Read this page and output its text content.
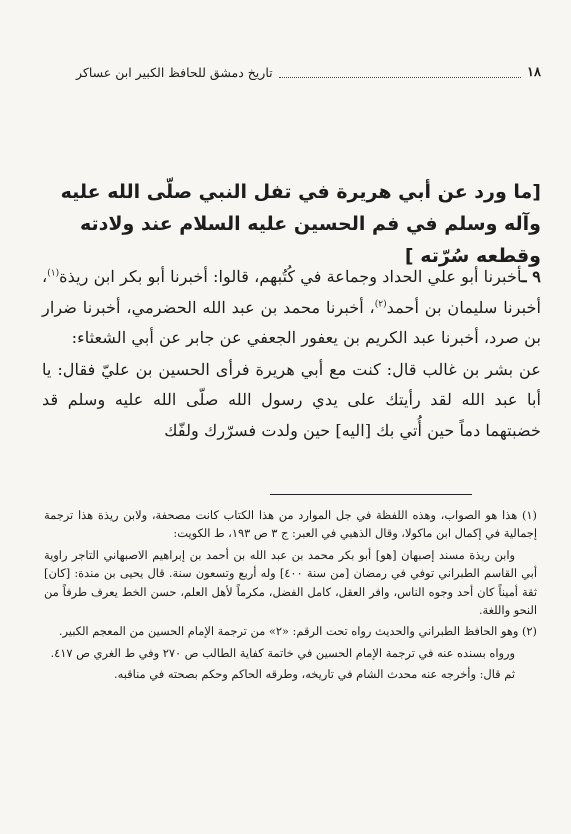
١٨
تاريخ دمشق للحافظ الكبير ابن عساكر
[ما ورد عن أبي هريرة في تفل النبي صلّى الله عليه وآله وسلم في فم الحسين عليه السلام عند ولادته وقطعه سُرّته ]

٩ ـأخبرنا أبو علي الحداد وجماعة في كُتُبهم، قالوا: أخبرنا أبو بكر ابن ريذة$^{(١)}$، أخبرنا سليمان بن أحمد$^{(٢)}$، أخبرنا محمد بن عبد الله الحضرمي، أخبرنا ضرار بن صرد، أخبرنا عبد الكريم بن يعفور الجعفي عن جابر عن أبي الشعثاء:

عن بشر بن غالب قال: كنت مع أبي هريرة فرأى الحسين بن عليّ فقال: يا أبا عبد الله لقد رأيتك على يدي رسول الله صلّى الله عليه وسلم قد خضبتهما دماً حين أُتي بك [اليه] حين ولدت فسرّرك ولفّك

(١) هذا هو الصواب، وهذه اللفظة في جل الموارد من هذا الكتاب كانت مصحفة، ولابن ريذة هذا ترجمة إجمالية في إكمال ابن ماكولا، وقال الذهبي في العبر: ج ٣ ص ١٩٣، ط الكويت:

وابن ريذة مسند إصبهان [هو] أبو بكر محمد بن عبد الله بن أحمد بن إبراهيم الاصبهاني التاجر راوية أبي القاسم الطبراني توفي في رمضان [من سنة ٤٠٠] وله أربع وتسعون سنة. قال يحيى بن مندة: [كان] ثقة أميناً كان أحد وجوه الناس، وافر العقل، كامل الفضل، مكرماً لأهل العلم، حسن الخط يعرف طرفاً من النحو واللغة.

(٢) وهو الحافظ الطبراني والحديث رواه تحت الرقم: «٢» من ترجمة الإمام الحسين من المعجم الكبير.

ورواه بسنده عنه في ترجمة الإمام الحسين في خاتمة كفاية الطالب ص ٢٧٠ وفي ط الغري ص ٤١٧.

ثم قال: وأخرجه عنه محدث الشام في تاريخه، وطرقه الحاكم وحكم بصحته في مناقبه.
